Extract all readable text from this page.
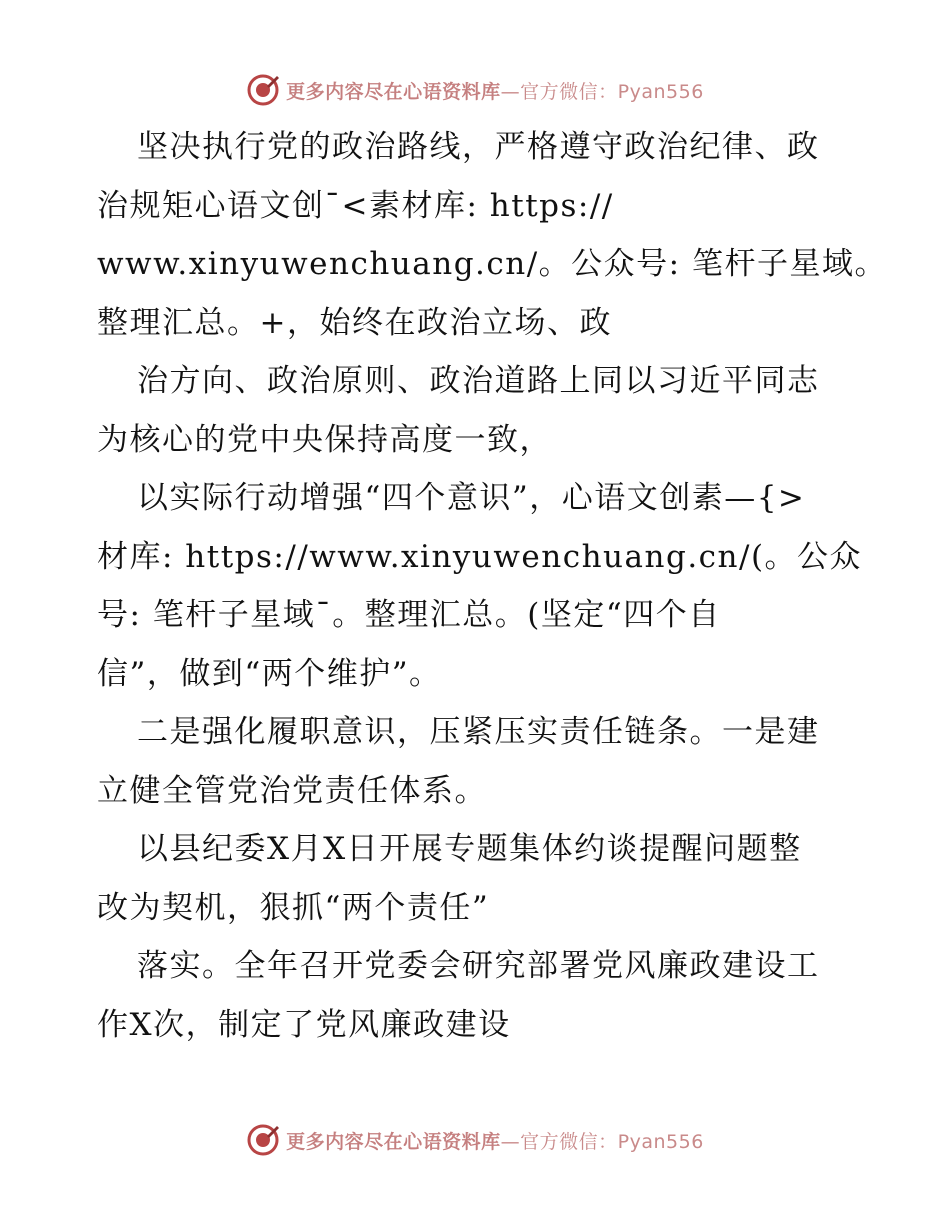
更多内容尽在心语资料库—官方微信：Pyan556
坚决执行党的政治路线，严格遵守政治纪律、政
治规矩心语文创¯<素材库: https://
www.xinyuwenchuang.cn/。公众号: 笔杆子星域。
整理汇总。+，始终在政治立场、政
治方向、政治原则、政治道路上同以习近平同志
为核心的党中央保持高度一致，
以实际行动增强“四个意识”，心语文创素—{>
材库: https://www.xinyuwenchuang.cn/(。公众
号: 笔杆子星域¯。整理汇总。(坚定“四个自
信”，做到“两个维护”。
二是强化履职意识，压紧压实责任链条。一是建
立健全管党治党责任体系。
以县纪委X月X日开展专题集体约谈提醒问题整
改为契机，狠抓“两个责任”
落实。全年召开党委会研究部署党风廉政建设工
作X次，制定了党风廉政建设
更多内容尽在心语资料库—官方微信：Pyan556
